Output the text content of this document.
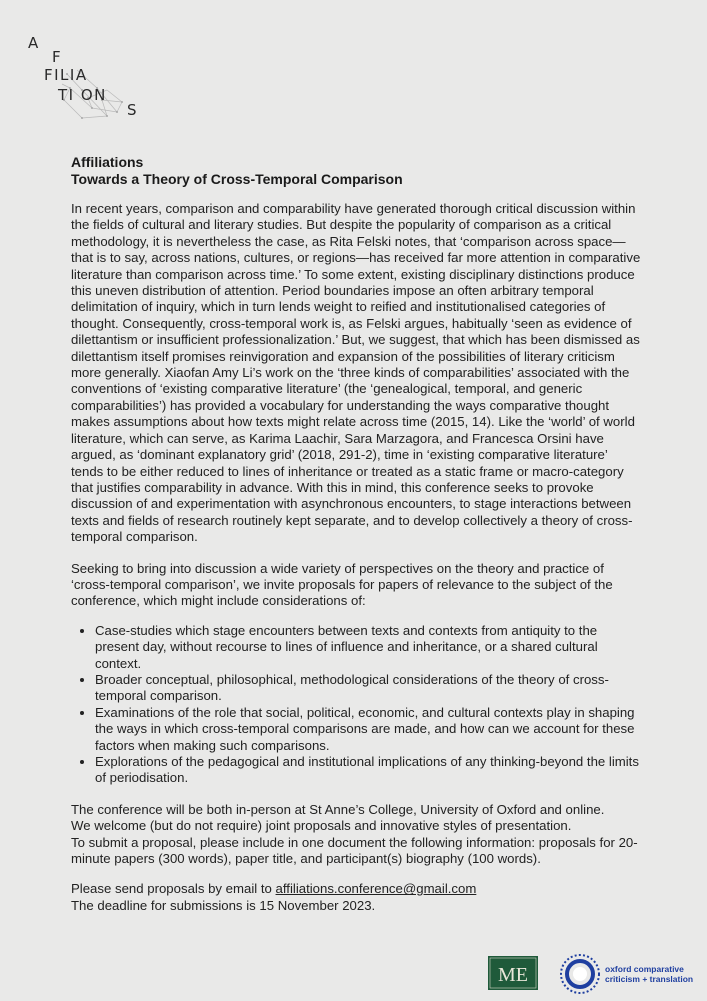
A
F
FILIA
TI ON
S
Affiliations
Towards a Theory of Cross-Temporal Comparison

In recent years, comparison and comparability have generated thorough critical discussion within the fields of cultural and literary studies. But despite the popularity of comparison as a critical methodology, it is nevertheless the case, as Rita Felski notes, that ‘comparison across space—that is to say, across nations, cultures, or regions—has received far more attention in comparative literature than comparison across time.’ To some extent, existing disciplinary distinctions produce this uneven distribution of attention. Period boundaries impose an often arbitrary temporal delimitation of inquiry, which in turn lends weight to reified and institutionalised categories of thought. Consequently, cross-temporal work is, as Felski argues, habitually ‘seen as evidence of dilettantism or insufficient professionalization.’ But, we suggest, that which has been dismissed as dilettantism itself promises reinvigoration and expansion of the possibilities of literary criticism more generally. Xiaofan Amy Li’s work on the ‘three kinds of comparabilities’ associated with the conventions of ‘existing comparative literature’ (the ‘genealogical, temporal, and generic comparabilities’) has provided a vocabulary for understanding the ways comparative thought makes assumptions about how texts might relate across time (2015, 14). Like the ‘world’ of world literature, which can serve, as Karima Laachir, Sara Marzagora, and Francesca Orsini have argued, as ‘dominant explanatory grid’ (2018, 291-2), time in ‘existing comparative literature’ tends to be either reduced to lines of inheritance or treated as a static frame or macro-category that justifies comparability in advance. With this in mind, this conference seeks to provoke discussion of and experimentation with asynchronous encounters, to stage interactions between texts and fields of research routinely kept separate, and to develop collectively a theory of cross-temporal comparison.

Seeking to bring into discussion a wide variety of perspectives on the theory and practice of ‘cross-temporal comparison’, we invite proposals for papers of relevance to the subject of the conference, which might include considerations of:

• Case-studies which stage encounters between texts and contexts from antiquity to the present day, without recourse to lines of influence and inheritance, or a shared cultural context.
• Broader conceptual, philosophical, methodological considerations of the theory of cross-temporal comparison.
• Examinations of the role that social, political, economic, and cultural contexts play in shaping the ways in which cross-temporal comparisons are made, and how can we account for these factors when making such comparisons.
• Explorations of the pedagogical and institutional implications of any thinking-beyond the limits of periodisation.

The conference will be both in-person at St Anne’s College, University of Oxford and online.

We welcome (but do not require) joint proposals and innovative styles of presentation.

To submit a proposal, please include in one document the following information: proposals for 20-minute papers (300 words), paper title, and participant(s) biography (100 words).

Please send proposals by email to affiliations.conference@gmail.com

The deadline for submissions is 15 November 2023.

ME	oxford comparative
criticism + translation
